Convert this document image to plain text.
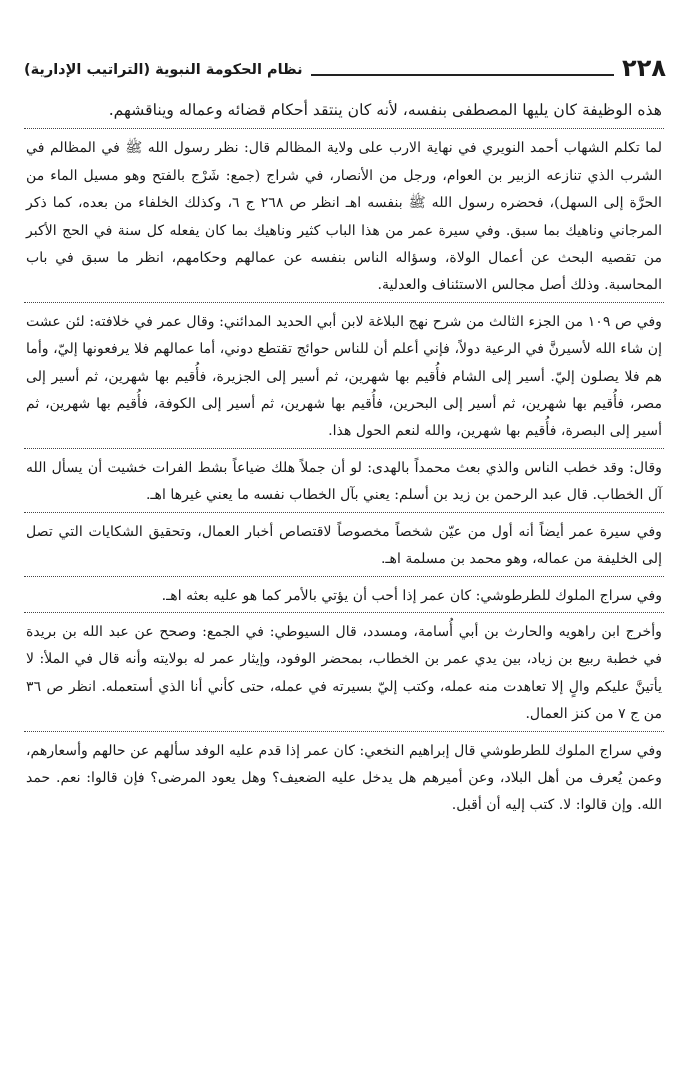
٢٢٨
نظام الحكومة النبوية (التراتيب الإدارية)

هذه الوظيفة كان يليها المصطفى بنفسه، لأنه كان ينتقد أحكام قضائه وعماله ويناقشهم.

لما تكلم الشهاب أحمد النويري في نهاية الارب على ولاية المظالم قال: نظر رسول الله ﷺ في المظالم في الشرب الذي تنازعه الزبير بن العوام، ورجل من الأنصار، في شراج (جمع: شَرْج بالفتح وهو مسيل الماء من الحرَّة إلى السهل)، فحضره رسول الله ﷺ بنفسه اهـ انظر ص ٢٦٨ ج ٦، وكذلك الخلفاء من بعده، كما ذكر المرجاني وناهيك بما سبق. وفي سيرة عمر من هذا الباب كثير وناهيك بما كان يفعله كل سنة في الحج الأكبر من تقصيه البحث عن أعمال الولاة، وسؤاله الناس بنفسه عن عمالهم وحكامهم، انظر ما سبق في باب المحاسبة. وذلك أصل مجالس الاستئناف والعدلية.

وفي ص ١٠٩ من الجزء الثالث من شرح نهج البلاغة لابن أبي الحديد المدائني: وقال عمر في خلافته: لئن عشت إن شاء الله لأسيرنَّ في الرعية دولاً، فإني أعلم أن للناس حوائج تقتطع دوني، أما عمالهم فلا يرفعونها إليّ، وأما هم فلا يصلون إليّ. أسير إلى الشام فأُقيم بها شهرين، ثم أسير إلى الجزيرة، فأُقيم بها شهرين، ثم أسير إلى مصر، فأُقيم بها شهرين، ثم أسير إلى البحرين، فأُقيم بها شهرين، ثم أسير إلى الكوفة، فأُقيم بها شهرين، ثم أسير إلى البصرة، فأُقيم بها شهرين، والله لنعم الحول هذا.

وقال: وقد خطب الناس والذي بعث محمداً بالهدى: لو أن جملاً هلك ضياعاً بشط الفرات خشيت أن يسأل الله آل الخطاب. قال عبد الرحمن بن زيد بن أسلم: يعني بآل الخطاب نفسه ما يعني غيرها اهـ.

وفي سيرة عمر أيضاً أنه أول من عيّن شخصاً مخصوصاً لاقتصاص أخبار العمال، وتحقيق الشكايات التي تصل إلى الخليفة من عماله، وهو محمد بن مسلمة اهـ.

وفي سراج الملوك للطرطوشي: كان عمر إذا أحب أن يؤتي بالأمر كما هو عليه بعثه اهـ.

وأخرج ابن راهويه والحارث بن أبي أُسامة، ومسدد، قال السيوطي: في الجمع: وصحح عن عبد الله بن بريدة في خطبة ربيع بن زياد، بين يدي عمر بن الخطاب، بمحضر الوفود، وإيثار عمر له بولايته وأنه قال في الملأ: لا يأتينَّ عليكم والٍ إلا تعاهدت منه عمله، وكتب إليّ بسيرته في عمله، حتى كأني أنا الذي أستعمله. انظر ص ٣٦ من ج ٧ من كنز العمال.

وفي سراج الملوك للطرطوشي قال إبراهيم النخعي: كان عمر إذا قدم عليه الوفد سألهم عن حالهم وأسعارهم، وعمن يُعرف من أهل البلاد، وعن أميرهم هل يدخل عليه الضعيف؟ وهل يعود المرضى؟ فإن قالوا: نعم. حمد الله. وإن قالوا: لا. كتب إليه أن أقبل.
